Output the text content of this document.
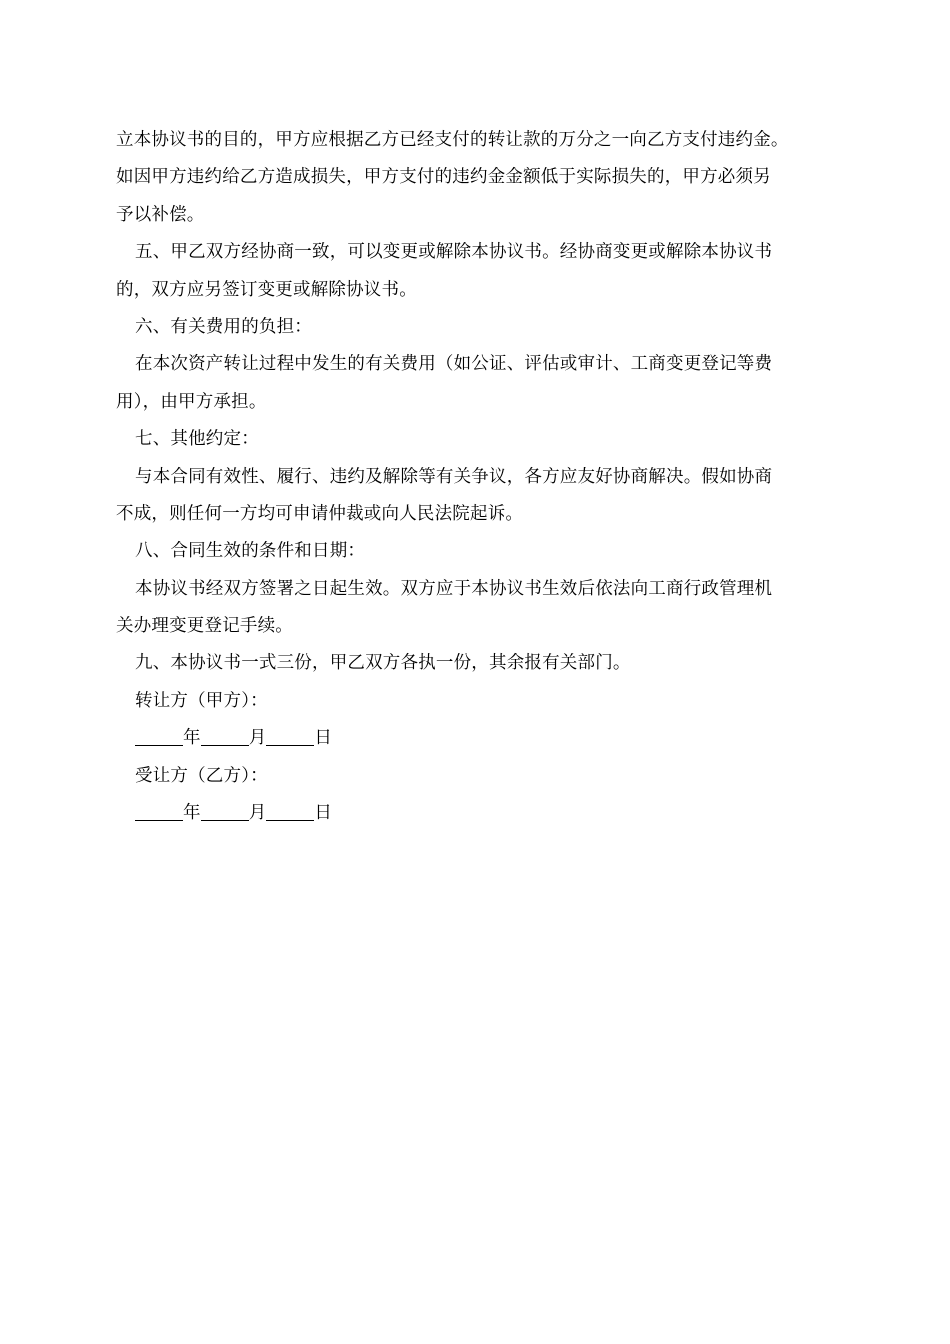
立本协议书的目的，甲方应根据乙方已经支付的转让款的万分之一向乙方支付违约金。
如因甲方违约给乙方造成损失，甲方支付的违约金金额低于实际损失的，甲方必须另
予以补偿。
五、甲乙双方经协商一致，可以变更或解除本协议书。经协商变更或解除本协议书
的，双方应另签订变更或解除协议书。
六、有关费用的负担：
在本次资产转让过程中发生的有关费用（如公证、评估或审计、工商变更登记等费
用），由甲方承担。
七、其他约定：
与本合同有效性、履行、违约及解除等有关争议，各方应友好协商解决。假如协商
不成，则任何一方均可申请仲裁或向人民法院起诉。
八、合同生效的条件和日期：
本协议书经双方签署之日起生效。双方应于本协议书生效后依法向工商行政管理机
关办理变更登记手续。
九、本协议书一式三份，甲乙双方各执一份，其余报有关部门。
转让方（甲方）：
年	月	日
受让方（乙方）：
年	月	日
